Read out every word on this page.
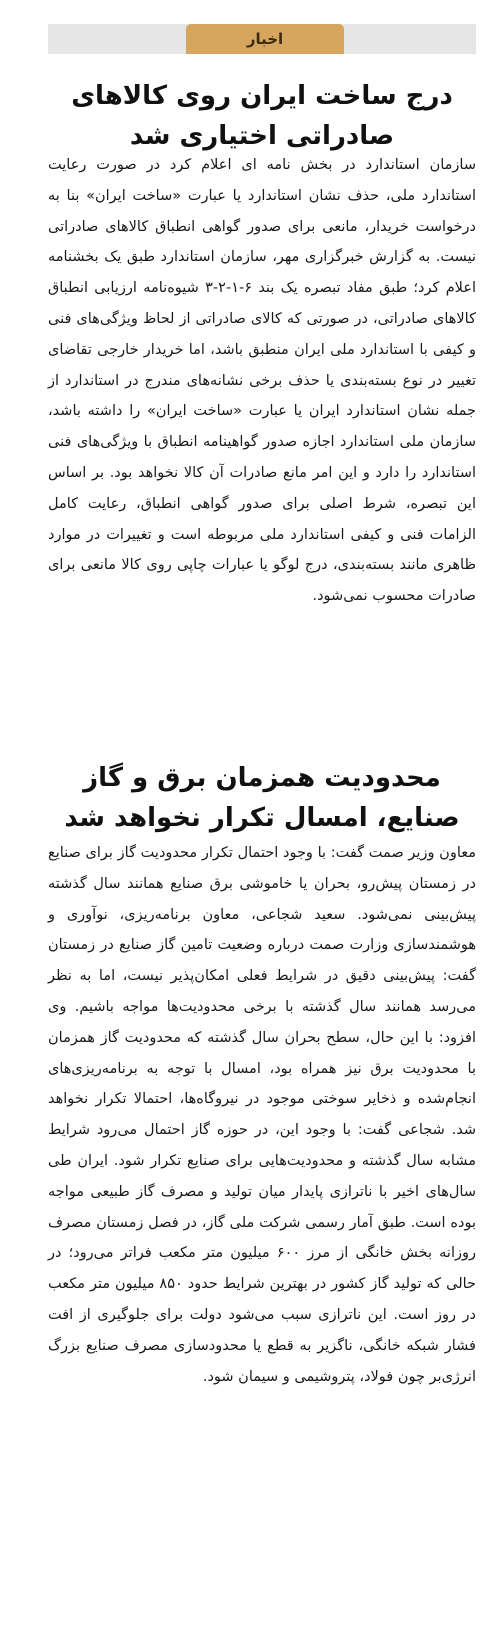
اخبار
درج ساخت ایران روی کالاهای صادراتی اختیاری شد

سازمان استاندارد در بخش نامه ای اعلام کرد در صورت رعایت استاندارد ملی، حذف نشان استاندارد یا عبارت «ساخت ایران» بنا به درخواست خریدار، مانعی برای صدور گواهی انطباق کالاهای صادراتی نیست. به گزارش خبرگزاری مهر، سازمان استاندارد طبق یک بخشنامه اعلام کرد؛ طبق مفاد تبصره یک بند ۶-۱-۲-۳ شیوه‌نامه ارزیابی انطباق کالاهای صادراتی، در صورتی که کالای صادراتی از لحاظ ویژگی‌های فنی و کیفی با استاندارد ملی ایران منطبق باشد، اما خریدار خارجی تقاضای تغییر در نوع بسته‌بندی یا حذف برخی نشانه‌های مندرج در استاندارد از جمله نشان استاندارد ایران یا عبارت «ساخت ایران» را داشته باشد، سازمان ملی استاندارد اجازه صدور گواهینامه انطباق با ویژگی‌های فنی استاندارد را دارد و این امر مانع صادرات آن کالا نخواهد بود. بر اساس این تبصره، شرط اصلی برای صدور گواهی انطباق، رعایت کامل الزامات فنی و کیفی استاندارد ملی مربوطه است و تغییرات در موارد ظاهری مانند بسته‌بندی، درج لوگو یا عبارات چاپی روی کالا مانعی برای صادرات محسوب نمی‌شود.

محدودیت همزمان برق و گاز صنایع، امسال تکرار نخواهد شد

معاون وزیر صمت گفت: با وجود احتمال تکرار محدودیت گاز برای صنایع در زمستان پیش‌رو، بحران یا خاموشی برق صنایع همانند سال گذشته پیش‌بینی نمی‌شود. سعید شجاعی، معاون برنامه‌ریزی، نوآوری و هوشمندسازی وزارت صمت درباره وضعیت تامین گاز صنایع در زمستان گفت: پیش‌بینی دقیق در شرایط فعلی امکان‌پذیر نیست، اما به نظر می‌رسد همانند سال گذشته با برخی محدودیت‌ها مواجه باشیم. وی افزود: با این حال، سطح بحران سال گذشته که محدودیت گاز همزمان با محدودیت برق نیز همراه بود، امسال با توجه به برنامه‌ریزی‌های انجام‌شده و ذخایر سوختی موجود در نیروگاه‌ها، احتمالا تکرار نخواهد شد. شجاعی گفت: با وجود این، در حوزه گاز احتمال می‌رود شرایط مشابه سال گذشته و محدودیت‌هایی برای صنایع تکرار شود. ایران طی سال‌های اخیر با ناترازی پایدار میان تولید و مصرف گاز طبیعی مواجه بوده است. طبق آمار رسمی شرکت ملی گاز، در فصل زمستان مصرف روزانه بخش خانگی از مرز ۶۰۰ میلیون متر مکعب فراتر می‌رود؛ در حالی که تولید گاز کشور در بهترین شرایط حدود ۸۵۰ میلیون متر مکعب در روز است. این ناترازی سبب می‌شود دولت برای جلوگیری از افت فشار شبکه خانگی، ناگزیر به قطع یا محدودسازی مصرف صنایع بزرگ انرژی‌بر چون فولاد، پتروشیمی و سیمان شود.
